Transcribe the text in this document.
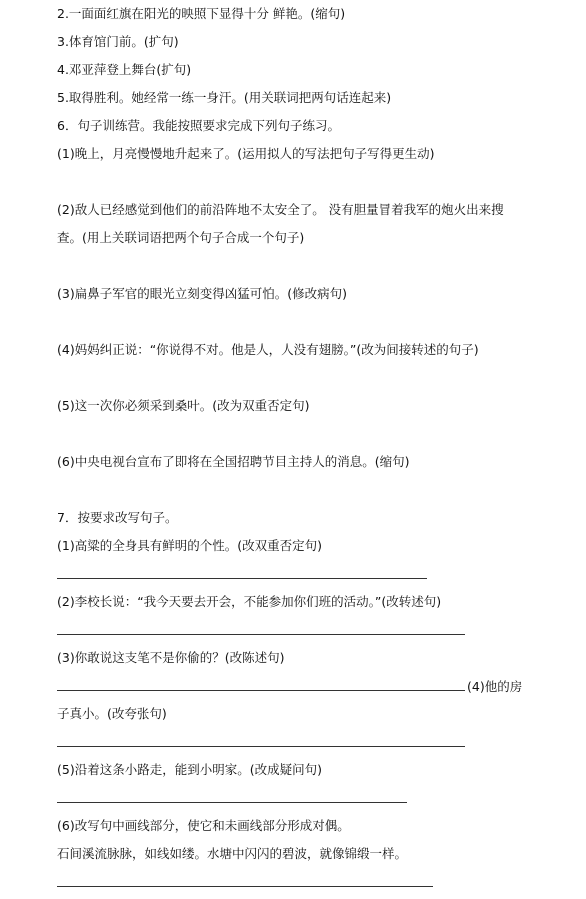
2.一面面红旗在阳光的映照下显得十分 鲜艳。(缩句)
3.体育馆门前。(扩句)
4.邓亚萍登上舞台(扩句)
5.取得胜利。她经常一练一身汗。(用关联词把两句话连起来)
6．句子训练营。我能按照要求完成下列句子练习。
(1)晚上，月亮慢慢地升起来了。(运用拟人的写法把句子写得更生动)
(2)敌人已经感觉到他们的前沿阵地不太安全了。 没有胆量冒着我军的炮火出来搜
查。(用上关联词语把两个句子合成一个句子)
(3)扁鼻子军官的眼光立刻变得凶猛可怕。(修改病句)
(4)妈妈纠正说：“你说得不对。他是人，人没有翅膀。”(改为间接转述的句子)
(5)这一次你必须采到桑叶。(改为双重否定句)
(6)中央电视台宣布了即将在全国招聘节目主持人的消息。(缩句)
7．按要求改写句子。
(1)高粱的全身具有鲜明的个性。(改双重否定句)
(2)李校长说：“我今天要去开会，不能参加你们班的活动。”(改转述句)
(3)你敢说这支笔不是你偷的？(改陈述句)
(4)他的房
子真小。(改夸张句)
(5)沿着这条小路走，能到小明家。(改成疑问句)
(6)改写句中画线部分，使它和未画线部分形成对偶。
石间溪流脉脉，如线如缕。水塘中闪闪的碧波，就像锦缎一样。
